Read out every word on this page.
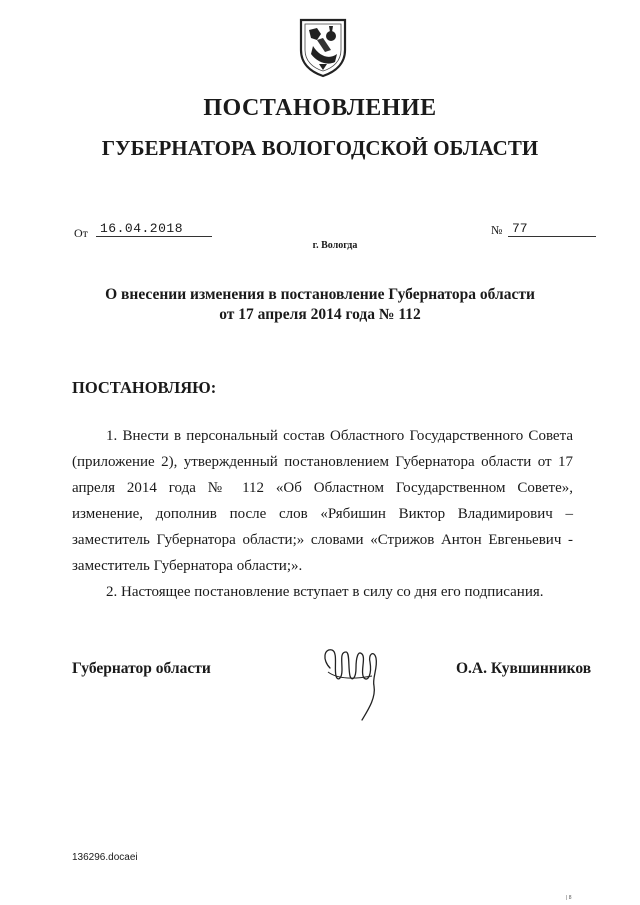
ПОСТАНОВЛЕНИЕ
ГУБЕРНАТОРА ВОЛОГОДСКОЙ ОБЛАСТИ
От 16.04.2018	№ 77
г. Вологда
О внесении изменения в постановление Губернатора области
от 17 апреля 2014 года № 112
ПОСТАНОВЛЯЮ:

1. Внести в персональный состав Областного Государственного Совета (приложение 2), утвержденный постановлением Губернатора области от 17 апреля 2014 года № 112 «Об Областном Государственном Совете», изменение, дополнив после слов «Рябишин Виктор Владимирович – заместитель Губернатора области;» словами «Стрижов Антон Евгеньевич - заместитель Губернатора области;».

2. Настоящее постановление вступает в силу со дня его подписания.

Губернатор области	О.А. Кувшинников
136296.docaei
| 8
